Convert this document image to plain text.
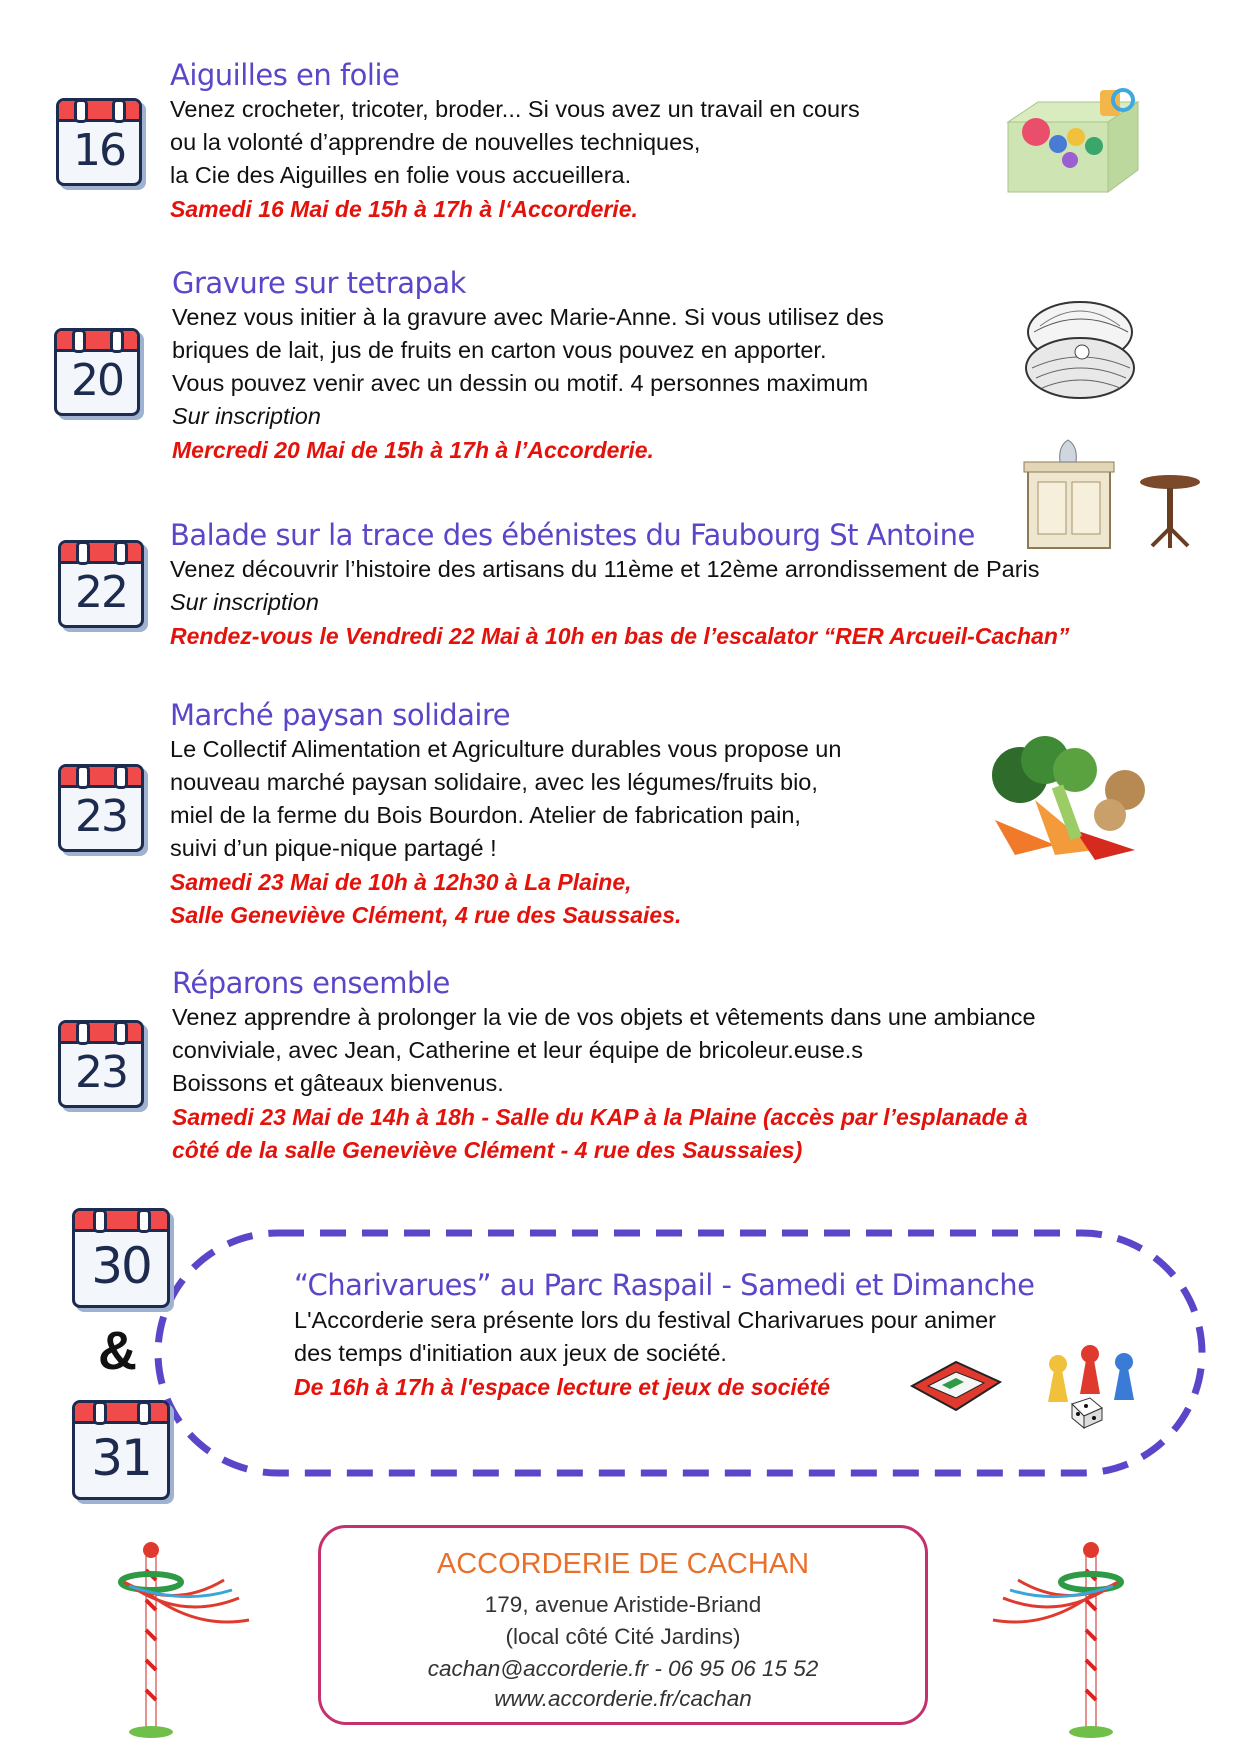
16
Aiguilles en folie
Venez crocheter, tricoter, broder... Si vous avez un travail en cours
ou la volonté d’apprendre de nouvelles techniques,
la Cie des Aiguilles en folie vous accueillera.
Samedi 16 Mai de 15h à 17h à l‘Accorderie.
20
Gravure sur tetrapak
Venez vous initier à la gravure avec Marie-Anne. Si vous utilisez des
briques de lait, jus de fruits en carton vous pouvez en apporter.
Vous pouvez venir avec un dessin ou motif. 4 personnes maximum
Sur inscription
Mercredi 20 Mai de 15h à 17h à l’Accorderie.
22
Balade sur la trace des ébénistes du Faubourg St Antoine
Venez découvrir l’histoire des artisans du 11ème et 12ème arrondissement de Paris
Sur inscription
Rendez-vous le Vendredi 22 Mai à 10h en bas de l’escalator “RER Arcueil-Cachan”
23
Marché paysan solidaire
Le Collectif Alimentation et Agriculture durables vous propose un
nouveau marché paysan solidaire, avec les légumes/fruits bio,
miel de la ferme du Bois Bourdon. Atelier de fabrication pain,
suivi d’un pique-nique partagé !
Samedi 23 Mai de 10h à 12h30 à La Plaine,
Salle Geneviève Clément, 4 rue des Saussaies.
23
Réparons ensemble
Venez apprendre à prolonger la vie de vos objets et vêtements dans une ambiance
conviviale, avec Jean, Catherine et leur équipe de bricoleur.euse.s
Boissons et gâteaux bienvenus.
Samedi 23 Mai de 14h à 18h - Salle du KAP à la Plaine (accès par l’esplanade à
côté de la salle Geneviève Clément - 4 rue des Saussaies)
30
&
31
“Charivarues” au Parc Raspail - Samedi et Dimanche
L'Accorderie sera présente lors du festival Charivarues pour animer
des temps d'initiation aux jeux de société.
De 16h à 17h à l'espace lecture et jeux de société
ACCORDERIE DE CACHAN
179, avenue Aristide-Briand
(local côté Cité Jardins)
cachan@accorderie.fr - 06 95 06 15 52
www.accorderie.fr/cachan
